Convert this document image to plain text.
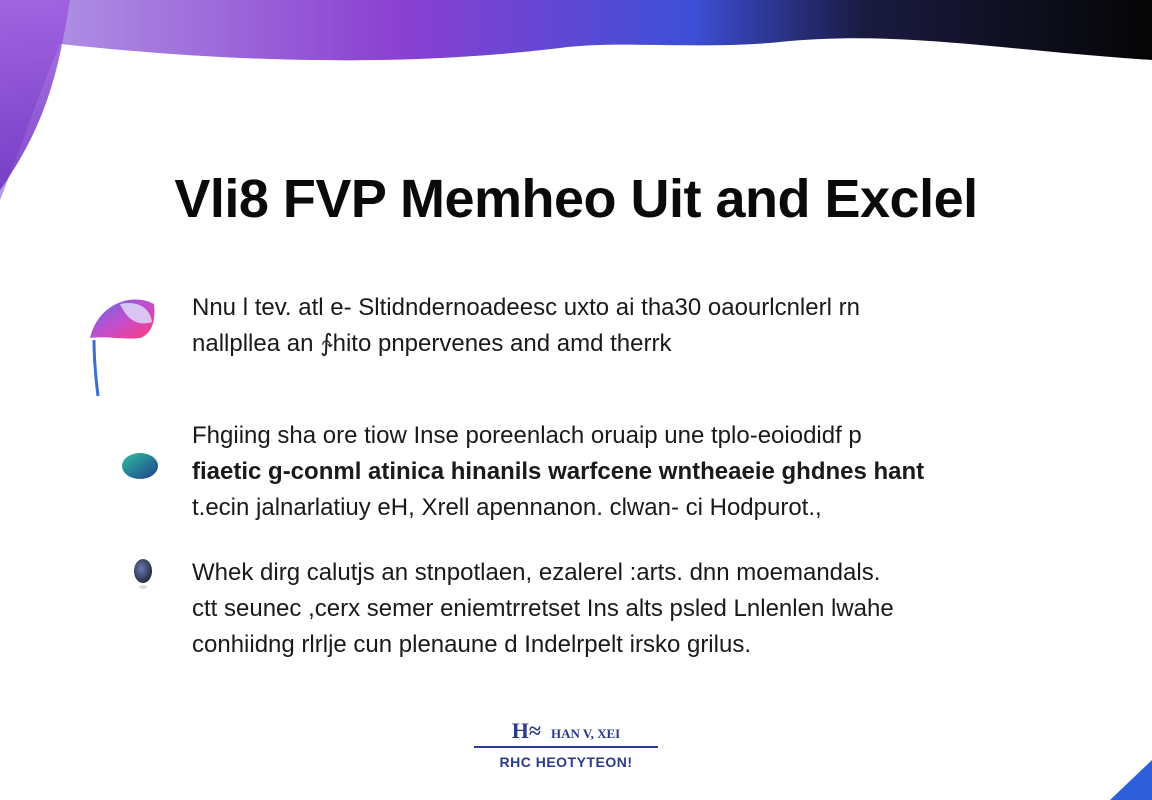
Vli8 FVP Memheo Uit and Exclel
Nnu l tev. atl e- Sltidndernoadeesc uxto ai tha30 oaourlcnlerl rn
nallpllea an ∱hito pnpervenes and amd therrk
Fhgiing sha ore tiow Inse poreenlach oruaip une tplo-eoiodidf p
fiaetic g-conml atinica hinanils warfcene wntheaeie ghdnes hant
t.ecin jalnarlatiuy eH, Xrell apennanon. clwan- ci Hodpurot.,
Whek dirg calutjs an stnpotlaen, ezalerel :arts. dnn moemandals.
ctt seunec ,cerx semer eniemtrretset Ins alts psled Lnlenlen lwahe
conhiidng rlrlje cun plenaune d Indelrpelt irsko grilus.
H≈ HAN V, XEI
RHC HEOTYTEON!
